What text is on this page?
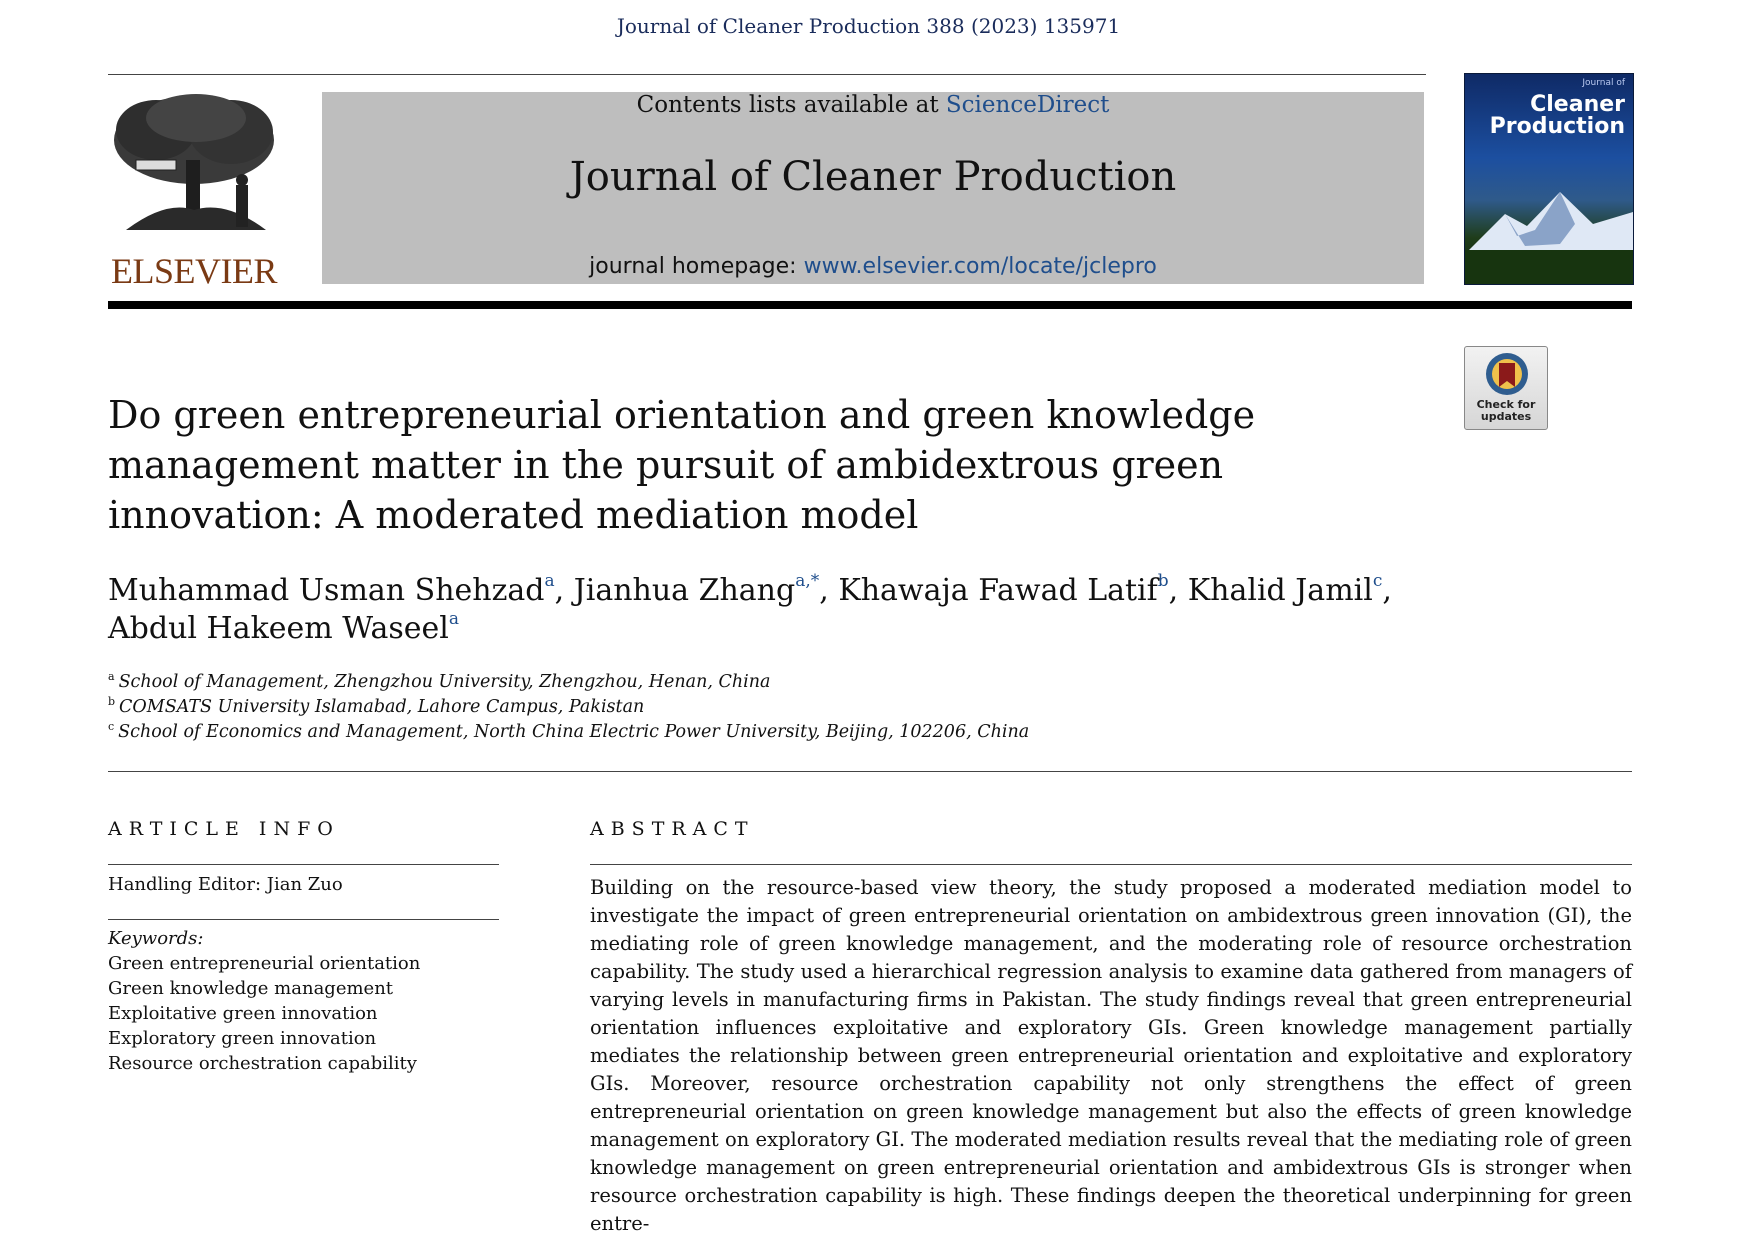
Journal of Cleaner Production 388 (2023) 135971
ELSEVIER
Contents lists available at ScienceDirect
Journal of Cleaner Production
journal homepage: www.elsevier.com/locate/jclepro
Journal of
Cleaner
Production
Check for
updates
Do green entrepreneurial orientation and green knowledge management matter in the pursuit of ambidextrous green innovation: A moderated mediation model
Muhammad Usman Shehzad$^a$, Jianhua Zhang$^{a,*}$, Khawaja Fawad Latif$^b$, Khalid Jamil$^c$,
Abdul Hakeem Waseel$^a$
$^a$ School of Management, Zhengzhou University, Zhengzhou, Henan, China
$^b$ COMSATS University Islamabad, Lahore Campus, Pakistan
$^c$ School of Economics and Management, North China Electric Power University, Beijing, 102206, China
ARTICLE INFO
Handling Editor: Jian Zuo
Keywords:
Green entrepreneurial orientation
Green knowledge management
Exploitative green innovation
Exploratory green innovation
Resource orchestration capability
ABSTRACT
Building on the resource-based view theory, the study proposed a moderated mediation model to investigate the impact of green entrepreneurial orientation on ambidextrous green innovation (GI), the mediating role of green knowledge management, and the moderating role of resource orchestration capability. The study used a hierarchical regression analysis to examine data gathered from managers of varying levels in manufacturing firms in Pakistan. The study findings reveal that green entrepreneurial orientation influences exploitative and exploratory GIs. Green knowledge management partially mediates the relationship between green entrepreneurial orientation and exploitative and exploratory GIs. Moreover, resource orchestration capability not only strengthens the effect of green entrepreneurial orientation on green knowledge management but also the effects of green knowledge management on exploratory GI. The moderated mediation results reveal that the mediating role of green knowledge management on green entrepreneurial orientation and ambidextrous GIs is stronger when resource orchestration capability is high. These findings deepen the theoretical underpinning for green entre-
